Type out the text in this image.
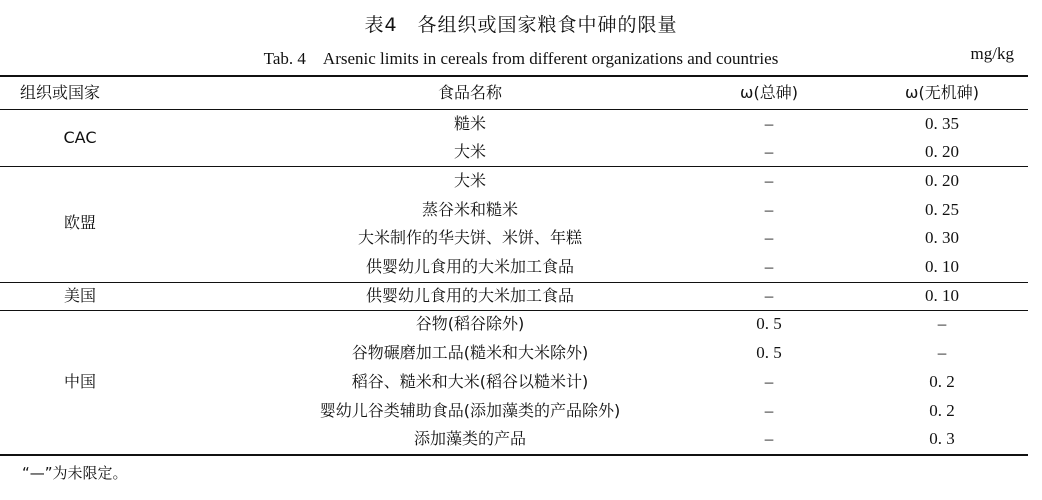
表4　各组织或国家粮食中砷的限量
Tab. 4　Arsenic limits in cereals from different organizations and countries	mg/kg
组织或国家	食品名称	ω(总砷)	ω(无机砷)
CAC
糙米	–	0. 35
大米	–	0. 20
欧盟
大米	–	0. 20
蒸谷米和糙米	–	0. 25
大米制作的华夫饼、米饼、年糕	–	0. 30
供婴幼儿食用的大米加工食品	–	0. 10
美国	供婴幼儿食用的大米加工食品	–	0. 10
中国
谷物(稻谷除外)	0. 5	–
谷物碾磨加工品(糙米和大米除外)	0. 5	–
稻谷、糙米和大米(稻谷以糙米计)	–	0. 2
婴幼儿谷类辅助食品(添加藻类的产品除外)	–	0. 2
添加藻类的产品	–	0. 3
“—”为未限定。
